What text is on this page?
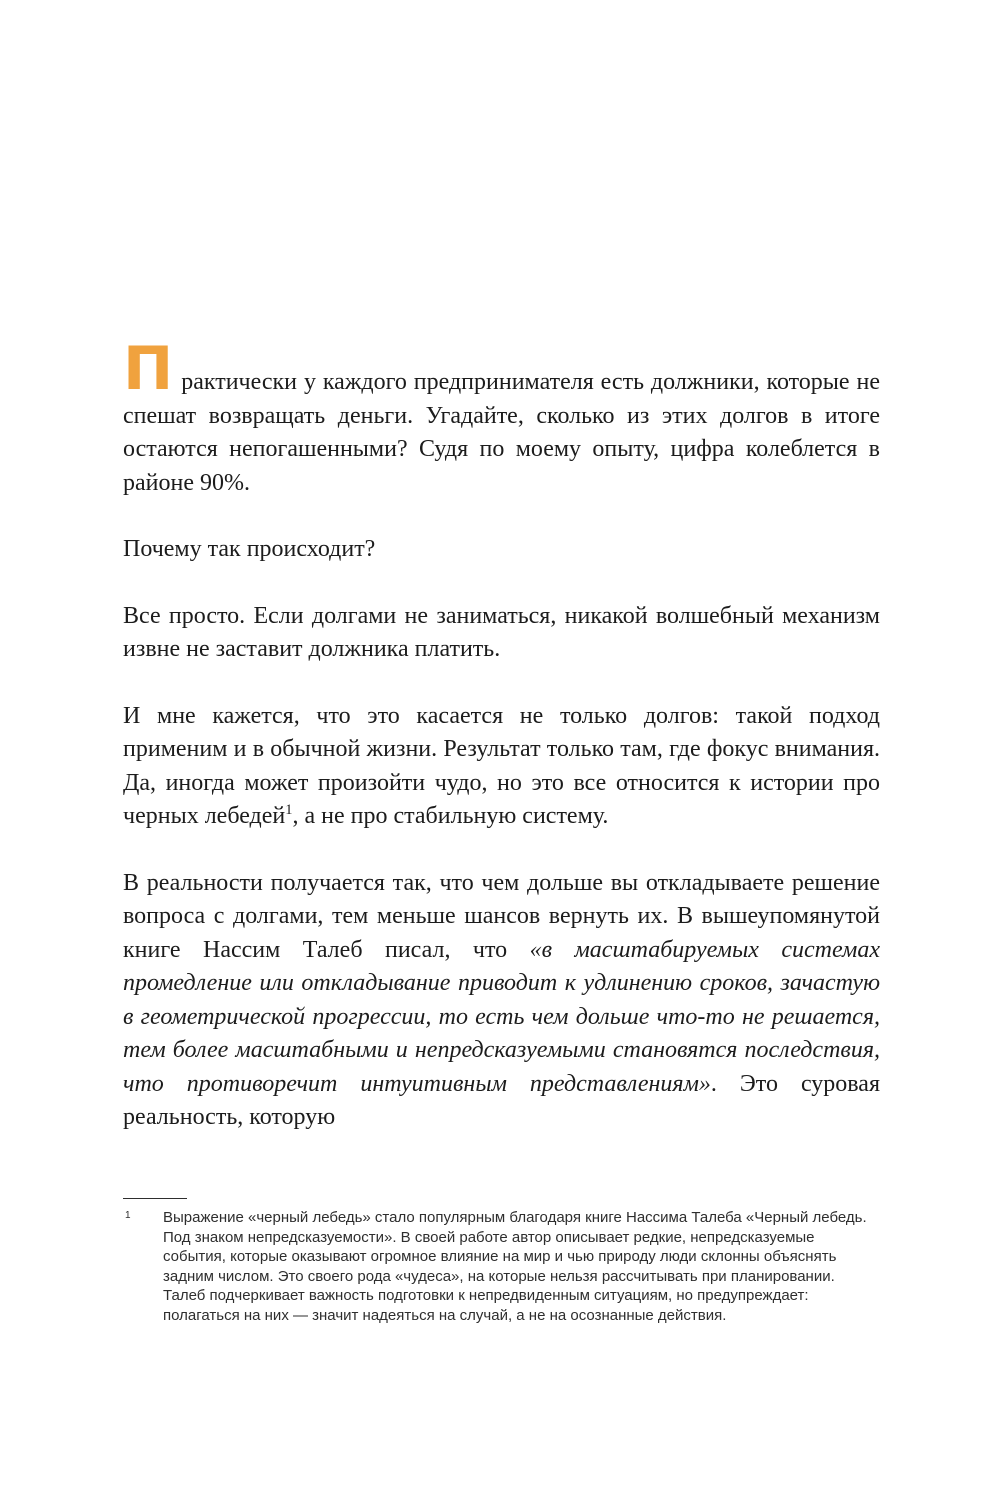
Практически у каждого предпринимателя есть должники, которые не спешат возвращать деньги. Угадайте, сколько из этих долгов в итоге остаются непогашенными? Судя по моему опыту, цифра колеблется в районе 90%.

Почему так происходит?

Все просто. Если долгами не заниматься, никакой волшебный механизм извне не заставит должника платить.

И мне кажется, что это касается не только долгов: такой подход применим и в обычной жизни. Результат только там, где фокус внимания. Да, иногда может произойти чудо, но это все относится к истории про черных лебедей$^1$, а не про стабильную систему.

В реальности получается так, что чем дольше вы откладываете решение вопроса с долгами, тем меньше шансов вернуть их. В вышеупомянутой книге Нассим Талеб писал, что «в масштабируемых системах промедление или откладывание приводит к удлинению сроков, зачастую в геометрической прогрессии, то есть чем дольше что-то не решается, тем более масштабными и непредсказуемыми становятся последствия, что противоречит интуитивным представлениям». Это суровая реальность, которую

1 Выражение «черный лебедь» стало популярным благодаря книге Нассима Талеба «Черный лебедь. Под знаком непредсказуемости». В своей работе автор описывает редкие, непредсказуемые события, которые оказывают огромное влияние на мир и чью природу люди склонны объяснять задним числом. Это своего рода «чудеса», на которые нельзя рассчитывать при планировании. Талеб подчеркивает важность подготовки к непредвиденным ситуациям, но предупреждает: полагаться на них — значит надеяться на случай, а не на осознанные действия.
